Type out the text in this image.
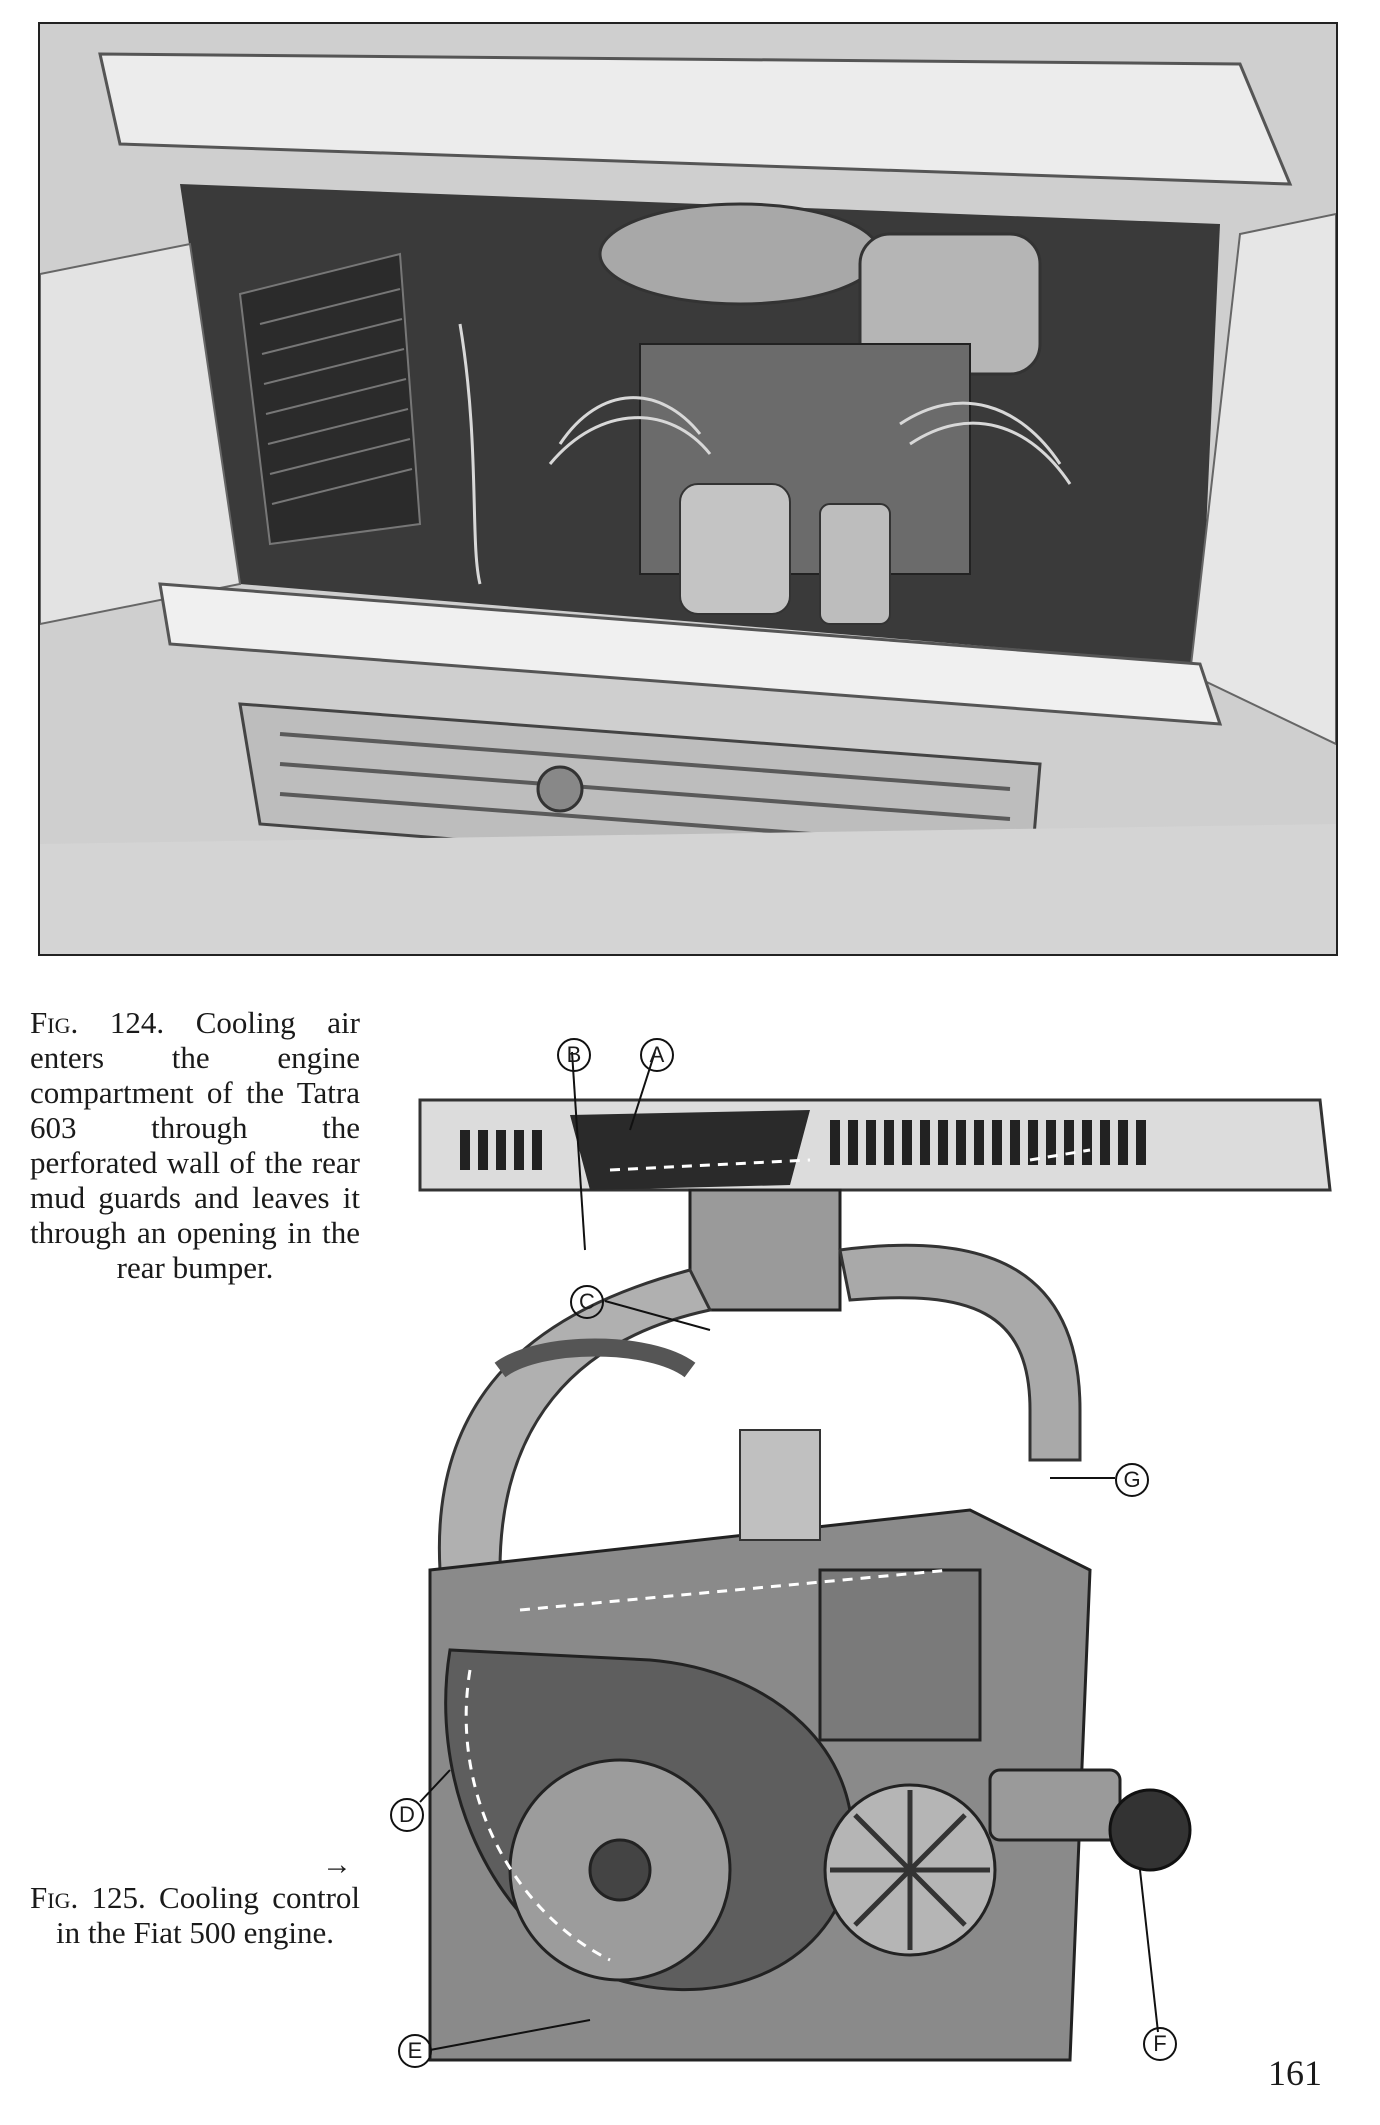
Fig. 124. Cooling air enters the engine compartment of the Tatra 603 through the perforated wall of the rear mud guards and leaves it through an opening in the rear bumper.
A
B
C
D
E	F
G
→
Fig. 125. Cooling control in the Fiat 500 engine.
161
